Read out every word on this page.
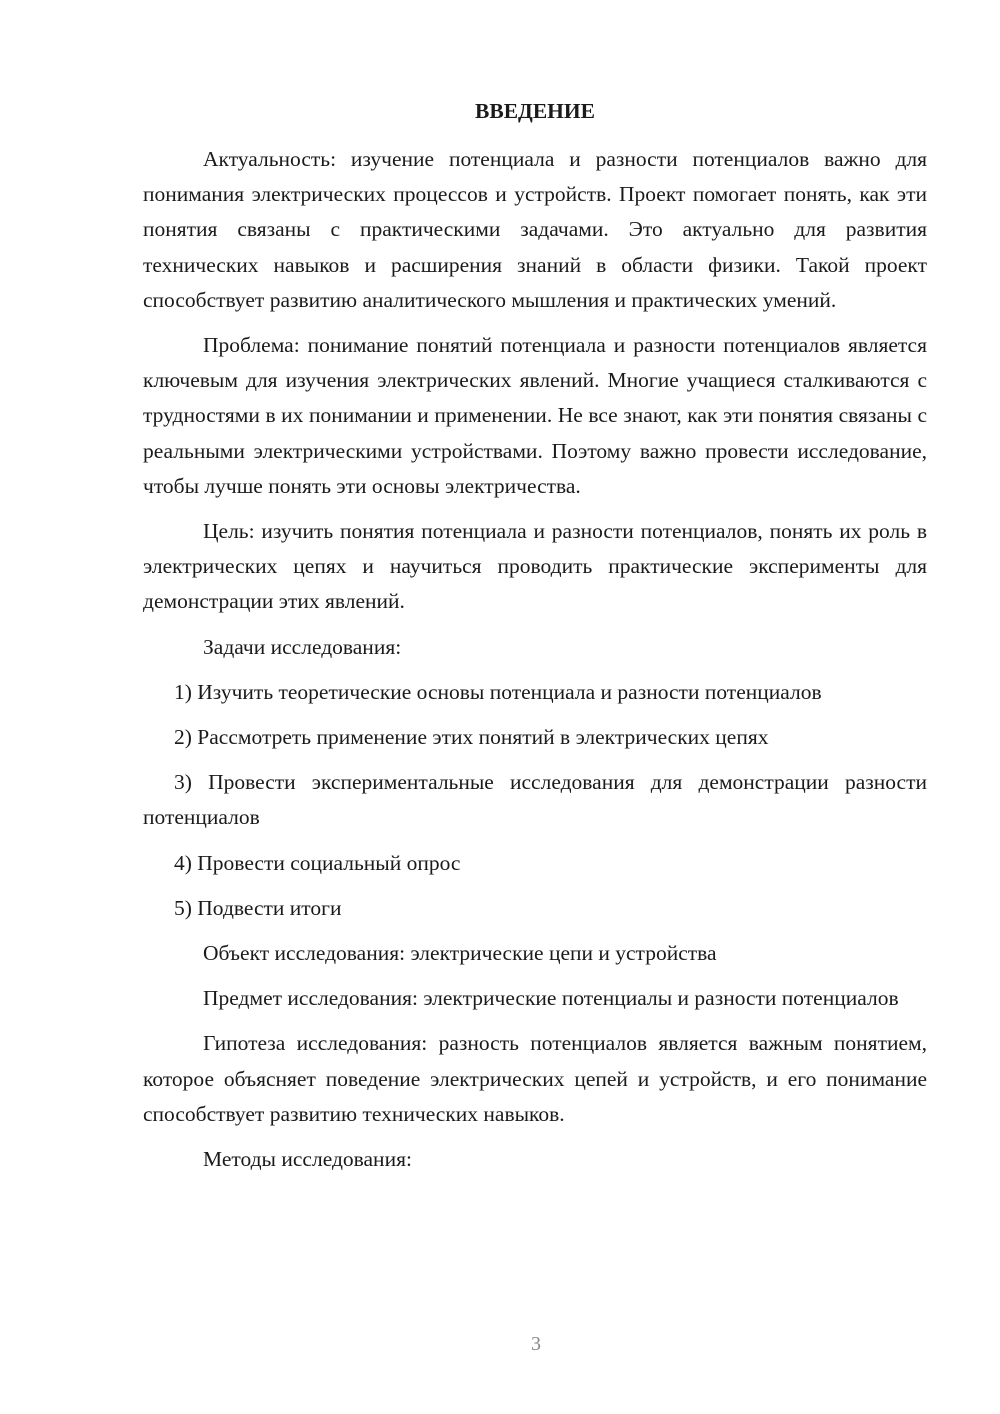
ВВЕДЕНИЕ

Актуальность: изучение потенциала и разности потенциалов важно для понимания электрических процессов и устройств. Проект помогает понять, как эти понятия связаны с практическими задачами. Это актуально для развития технических навыков и расширения знаний в области физики. Такой проект способствует развитию аналитического мышления и практических умений.

Проблема: понимание понятий потенциала и разности потенциалов является ключевым для изучения электрических явлений. Многие учащиеся сталкиваются с трудностями в их понимании и применении. Не все знают, как эти понятия связаны с реальными электрическими устройствами. Поэтому важно провести исследование, чтобы лучше понять эти основы электричества.

Цель: изучить понятия потенциала и разности потенциалов, понять их роль в электрических цепях и научиться проводить практические эксперименты для демонстрации этих явлений.

Задачи исследования:

1) Изучить теоретические основы потенциала и разности потенциалов
2) Рассмотреть применение этих понятий в электрических цепях
3) Провести экспериментальные исследования для демонстрации разности потенциалов
4) Провести социальный опрос
5) Подвести итоги

Объект исследования: электрические цепи и устройства

Предмет исследования: электрические потенциалы и разности потенциалов

Гипотеза исследования: разность потенциалов является важным понятием, которое объясняет поведение электрических цепей и устройств, и его понимание способствует развитию технических навыков.

Методы исследования:

3
